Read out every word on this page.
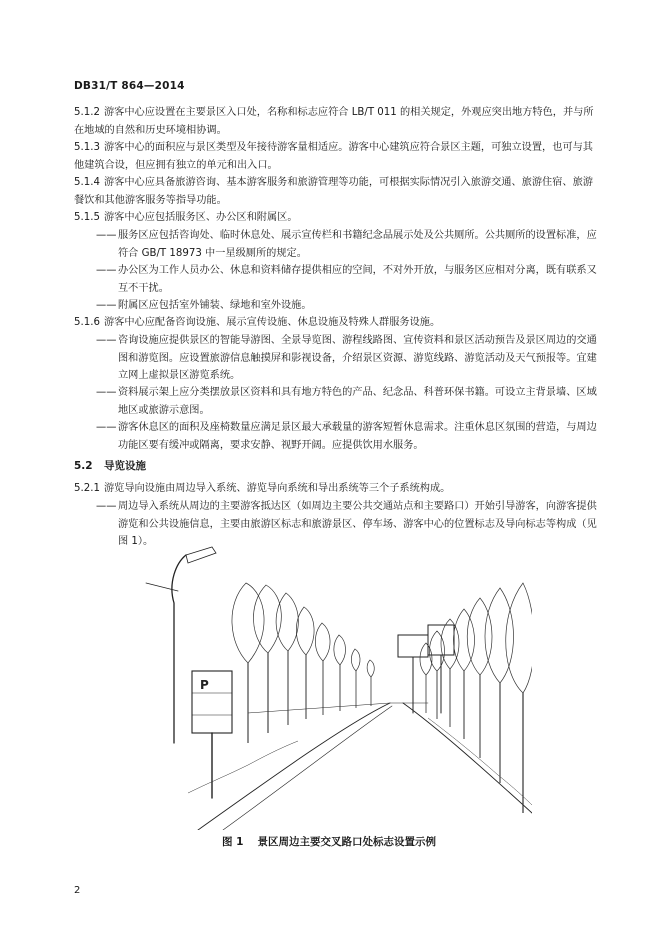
DB31/T 864—2014
5.1.2 游客中心应设置在主要景区入口处，名称和标志应符合 LB/T 011 的相关规定，外观应突出地方特色，并与所在地域的自然和历史环境相协调。
5.1.3 游客中心的面积应与景区类型及年接待游客量相适应。游客中心建筑应符合景区主题，可独立设置，也可与其他建筑合设，但应拥有独立的单元和出入口。
5.1.4 游客中心应具备旅游咨询、基本游客服务和旅游管理等功能，可根据实际情况引入旅游交通、旅游住宿、旅游餐饮和其他游客服务等指导功能。
5.1.5 游客中心应包括服务区、办公区和附属区。
—— 服务区应包括咨询处、临时休息处、展示宣传栏和书籍纪念品展示处及公共厕所。公共厕所的设置标准，应符合 GB/T 18973 中一星级厕所的规定。
—— 办公区为工作人员办公、休息和资料储存提供相应的空间，不对外开放，与服务区应相对分离，既有联系又互不干扰。
—— 附属区应包括室外铺装、绿地和室外设施。
5.1.6 游客中心应配备咨询设施、展示宣传设施、休息设施及特殊人群服务设施。
—— 咨询设施应提供景区的智能导游图、全景导览图、游程线路图、宣传资料和景区活动预告及景区周边的交通图和游览图。应设置旅游信息触摸屏和影视设备，介绍景区资源、游览线路、游览活动及天气预报等。宜建立网上虚拟景区游览系统。
—— 资料展示架上应分类摆放景区资料和具有地方特色的产品、纪念品、科普环保书籍。可设立主背景墙、区域地区或旅游示意图。
—— 游客休息区的面积及座椅数量应满足景区最大承载量的游客短暂休息需求。注重休息区氛围的营造，与周边功能区要有缓冲或隔离，要求安静、视野开阔。应提供饮用水服务。
5.2 导览设施
5.2.1 游览导向设施由周边导入系统、游览导向系统和导出系统等三个子系统构成。
—— 周边导入系统从周边的主要游客抵达区（如周边主要公共交通站点和主要路口）开始引导游客，向游客提供游览和公共设施信息，主要由旅游区标志和旅游景区、停车场、游客中心的位置标志及导向标志等构成（见图 1）。
P
图 1 景区周边主要交叉路口处标志设置示例
2
